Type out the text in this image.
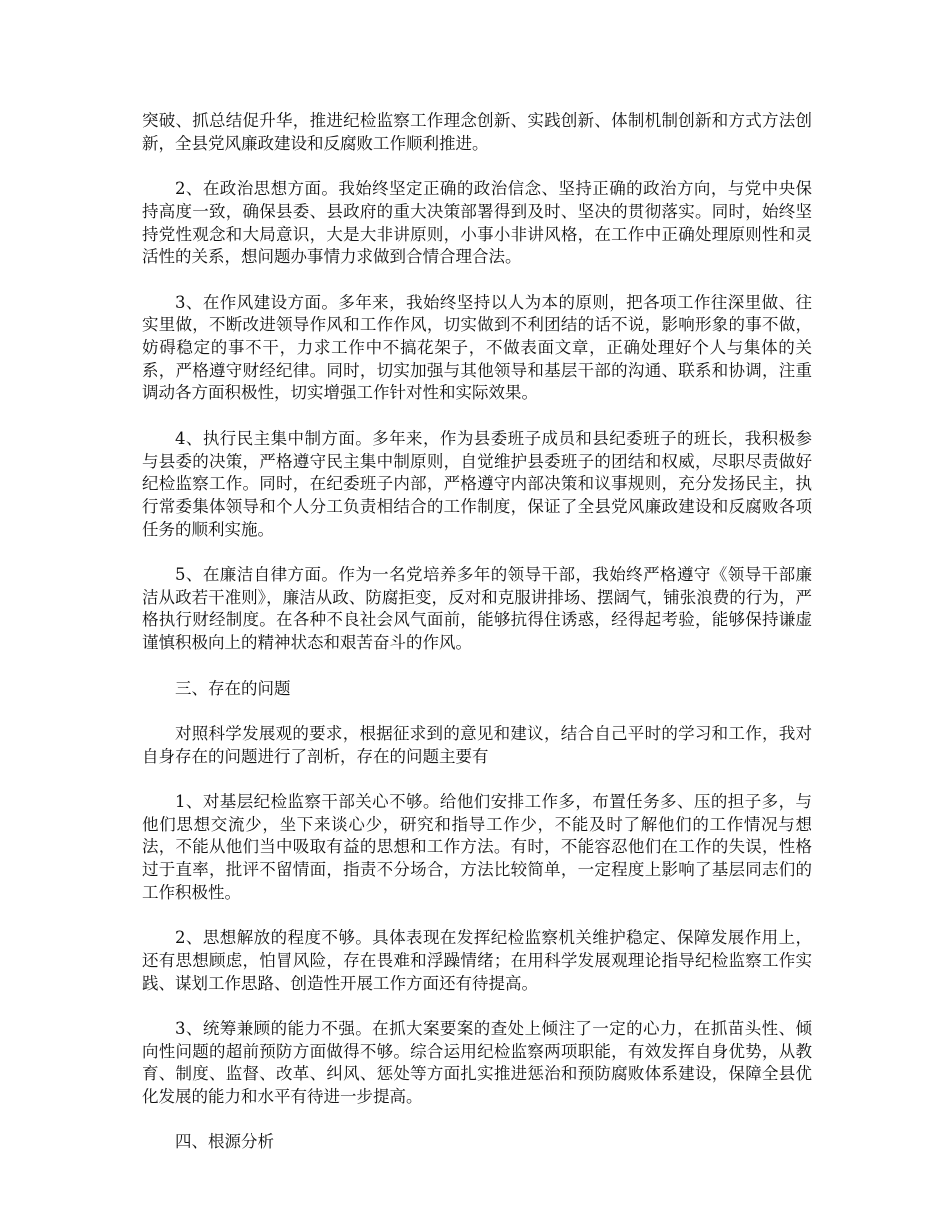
突破、抓总结促升华，推进纪检监察工作理念创新、实践创新、体制机制创新和方式方法创新，全县党风廉政建设和反腐败工作顺利推进。

2、在政治思想方面。我始终坚定正确的政治信念、坚持正确的政治方向，与党中央保持高度一致，确保县委、县政府的重大决策部署得到及时、坚决的贯彻落实。同时，始终坚持党性观念和大局意识，大是大非讲原则，小事小非讲风格，在工作中正确处理原则性和灵活性的关系，想问题办事情力求做到合情合理合法。

3、在作风建设方面。多年来，我始终坚持以人为本的原则，把各项工作往深里做、往实里做，不断改进领导作风和工作作风，切实做到不利团结的话不说，影响形象的事不做，妨碍稳定的事不干，力求工作中不搞花架子，不做表面文章，正确处理好个人与集体的关系，严格遵守财经纪律。同时，切实加强与其他领导和基层干部的沟通、联系和协调，注重调动各方面积极性，切实增强工作针对性和实际效果。

4、执行民主集中制方面。多年来，作为县委班子成员和县纪委班子的班长，我积极参与县委的决策，严格遵守民主集中制原则，自觉维护县委班子的团结和权威，尽职尽责做好纪检监察工作。同时，在纪委班子内部，严格遵守内部决策和议事规则，充分发扬民主，执行常委集体领导和个人分工负责相结合的工作制度，保证了全县党风廉政建设和反腐败各项任务的顺利实施。

5、在廉洁自律方面。作为一名党培养多年的领导干部，我始终严格遵守《领导干部廉洁从政若干准则》，廉洁从政、防腐拒变，反对和克服讲排场、摆阔气，铺张浪费的行为，严格执行财经制度。在各种不良社会风气面前，能够抗得住诱惑，经得起考验，能够保持谦虚谨慎积极向上的精神状态和艰苦奋斗的作风。

三、存在的问题

对照科学发展观的要求，根据征求到的意见和建议，结合自己平时的学习和工作，我对自身存在的问题进行了剖析，存在的问题主要有

1、对基层纪检监察干部关心不够。给他们安排工作多，布置任务多、压的担子多，与他们思想交流少，坐下来谈心少，研究和指导工作少，不能及时了解他们的工作情况与想法，不能从他们当中吸取有益的思想和工作方法。有时，不能容忍他们在工作的失误，性格过于直率，批评不留情面，指责不分场合，方法比较简单，一定程度上影响了基层同志们的工作积极性。

2、思想解放的程度不够。具体表现在发挥纪检监察机关维护稳定、保障发展作用上，还有思想顾虑，怕冒风险，存在畏难和浮躁情绪；在用科学发展观理论指导纪检监察工作实践、谋划工作思路、创造性开展工作方面还有待提高。

3、统筹兼顾的能力不强。在抓大案要案的查处上倾注了一定的心力，在抓苗头性、倾向性问题的超前预防方面做得不够。综合运用纪检监察两项职能，有效发挥自身优势，从教育、制度、监督、改革、纠风、惩处等方面扎实推进惩治和预防腐败体系建设，保障全县优化发展的能力和水平有待进一步提高。

四、根源分析
